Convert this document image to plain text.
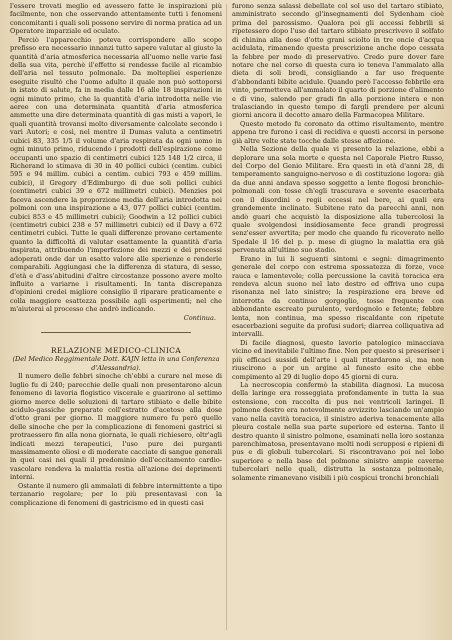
l'essere trovati meglio ed avessero fatte le inspirazioni più facilmente, non che osservando attentamente tutti i fenomeni concomitanti i quali soli possono servire di norma pratica ad un Operatore imparziale ed oculato.

Perciò l'apparecchio poteva corrispondere allo scopo prefisso era necessario innanzi tutto sapere valutar al giusto la quantità d'aria atmosferica necessaria all'uomo nelle varie fasi della sua vita, perchè il'effetto si rendesse facile al ricambio dell'aria nel tessuto polmonale. Da moltepliei esperienze eseguite risultò che l'uomo adulto il quale non può sottoporsi in istato di salute, fa in media dalle 16 alle 18 inspirazioni in ogni minuto primo, che la quantità d'aria introdotta nelle vie aeree con una determinata quantità d'aria atmosferica ammette una dire determinata quantità di gas misti a vapori, le quali quantità trovansi molto diversamente calcolate secondo i vari Autori; e così, nel mentre il Dumas valuta a centimetri cubici 83, 335 1/5 il volume d'aria respirata da ogni uomo in ogni minuto primo, riducendo i prodotti dell'espirazione come occupanti uno spazio di centimetri cubici 125 148 1/2 circa, il Richerand lo stimava di 30 in 40 pollici cubici (centim. cubici 595 e 94 millim. cubici a centim. cubici 793 e 459 millim. cubici), il Gregory d'Edimburgo di due soli pollici cubici (centimetri cubici 39 e 672 millimetri cubici). Menzies poi faceva ascendere la proporzione media dell'aria introdotta nei polmoni con una inspirazione a 43, 077 pollici cubici (centim. cubici 853 e 45 millimetri cubici); Goodwin a 12 pollici cubici (centimetri cubici 238 e 57 millimetri cubici) ed il Davy a 672 centimetri cubici. Tutte le quali differenze provano certamente quanto la difficoltà di valutar esattamente la quantità d'aria inspirata, attribuendo l'imperfezione dei mezzi e dei processi adoperati onde dar un esatto valore alle sperienze e renderle comparabili. Aggiungasi che la differenza di statura, di sesso, d'età e d'ass'abitudini d'altre circostanze possono avere molto influito a variarne i risultamenti. In tanta discrepanza d'opinioni credei migliore consiglio il riparare praticamente e colla maggiore esattezza possibile agli esperimenti; nel che m'aiuterai al processo che andrò indicando.

Continua.

RELAZIONE MEDICO-CLINICA

(Del Medico Reggimentale Dott. KAJN letta in una Conferenza d'Alessandria).

Il numero delle febbri sinoche ch'ebbi a curare nel mese di luglio fu di 240; parecchie delle quali non presentarono alcun fenomeno di lavoria flogistico viscerale e guarirono al settimo giorno merce delle soluzioni di tartaro stibiato e delle bibite acidulo-gassiche preparate coll'estratto d'acetoso alla dose d'otto grani per giorno. Il maggiore numero fu però quello delle sinoche che per la complicazione di fenomeni gastrici si protraessero fin alla nona giornata, le quali richiesero, oltr'agli indicati mezzi terapeutici, l'uso pure dei purganti massimamente oliosi e di moderate cacciate di sangue generali in quei casi nei quali il predominio dell'eccitamento cardio-vascolare rendeva la malattia restia all'azione dei deprimenti interni.

Ostante il numero gli ammalati di febbre intermittente a tipo terzanario regolare; per lo più presentavasi con la complicazione di fenomeni di gastricismo ed in questi casi

furono senza salassi debellate col sol uso del tartaro stibiato, amministrato secondo gl'insegnamenti del Sydenham cioè prima del parossismo. Qualora poi gli accessi febbrili si ripetessero dopo l'uso del tartaro stibiato prescrivevo il solfato di chinina alla dose d'otto grani sciolto in tre oncie d'acqua acidulata, rimanendo questa prescrizione anche dopo cessata la febbre per modo di preservativo. Credo pure dover fare notare che nel corso di questa cura io teneva l'ammalato alla dieta di soli brodi, consigliando a far uso frequente d'abbondanti bibite acidule. Quando però l'accesso febbrile era vinto, permetteva all'ammalato il quarto di porzione d'alimento e di vino, salendo per gradi fin alla porzione intera e non tralasciando in questo tempo di fargli prendere per alcuni giorni ancora il decotto amaro della Farmacopea Militare.

Questo metodo fu coronato da ottimo risultamento, mentre appena tre furono i casi di recidiva e questi accorsi in persone già altre volte state tocche dalle stesse affezione.

Nella Sezione della quale vi presento la relazione, ebbi a deplorare una sola morte e questa nel Caporale Pietro Russo, del Corpo del Genio Militare. Era questi in età d'anni 28, di temperamento sanguigno-nervoso e di costituzione logora: già da due anni andava spesso soggetto a lente flogosi bronchio-polmonali con tosse ch'egli trascurava e sovente esacerbata con il disordini o regii eccessi nel bere, ai quali era grandemente inclinato. Subitene rato da parecchi anni, non andò guari che acquistò la disposizione alla tubercolosi la quale svolgendosi insidiosamente fece grandi progressi senz'esser avvertita; per modo che quando fu ricoverato nello Spedale il 16 del p. p. mese di giugno la malattia era già pervenuta all'ultimo suo stadio.

Erano in lui li seguenti sintomi e segni: dimagrimento generale del corpo con estrema spossatezza di forze, voce rauca e lamentevole; colla percussione la cavità toracica era rendeva alcun suono nel lato destro ed offriva uno cupa risonanza nel lato sinistro; la respirazione era breve ed interrotta da continuo gorgoglio, tosse frequente con abbondante escreato purulento, verdognolo e fetente; febbre lenta, non continua, ma spesso riscaldante con ripetute esacerbazioni seguite da profusi sudori; diarrea colliquativa ad intervalli.

Di facile diagnosi, questo lavorio patologico minacciava vicino ed inevitabile l'ultimo fine. Non per questo si preseriser i più efficaci sussidi dell'arte i quali ritardarono sì, ma non riuscirono a por un argine al funesto esito che ebbe compimento al 29 di luglio dopo 45 giorni di cura.

La necroscopia confermò la stabilita diagnosi. La mucosa della laringe era rosseggiata profondamente in tutta la sua estensione, con raccolta di pus nei ventricoli laringei. Il polmone destro era notevolmente avvizzito lasciando un'ampio vano nella cavità toracica, il sinistro aderiva tenacemente alla pleura costale nella sua parte superiore ed esterna. Tanto il destro quanto il sinistro polmone, esaminati nella loro sostanza parenchimatosa, presentavano molti nodi scrupposi e ripieni di pus e di globuli tubercolari. Si riscontravano poi nel lobo superiore e nella base del polmone sinistro ampie caverne tubercolari nelle quali, distrutta la sostanza polmonale, solamente rimanevano visibili i più cospicui tronchi bronchiali
